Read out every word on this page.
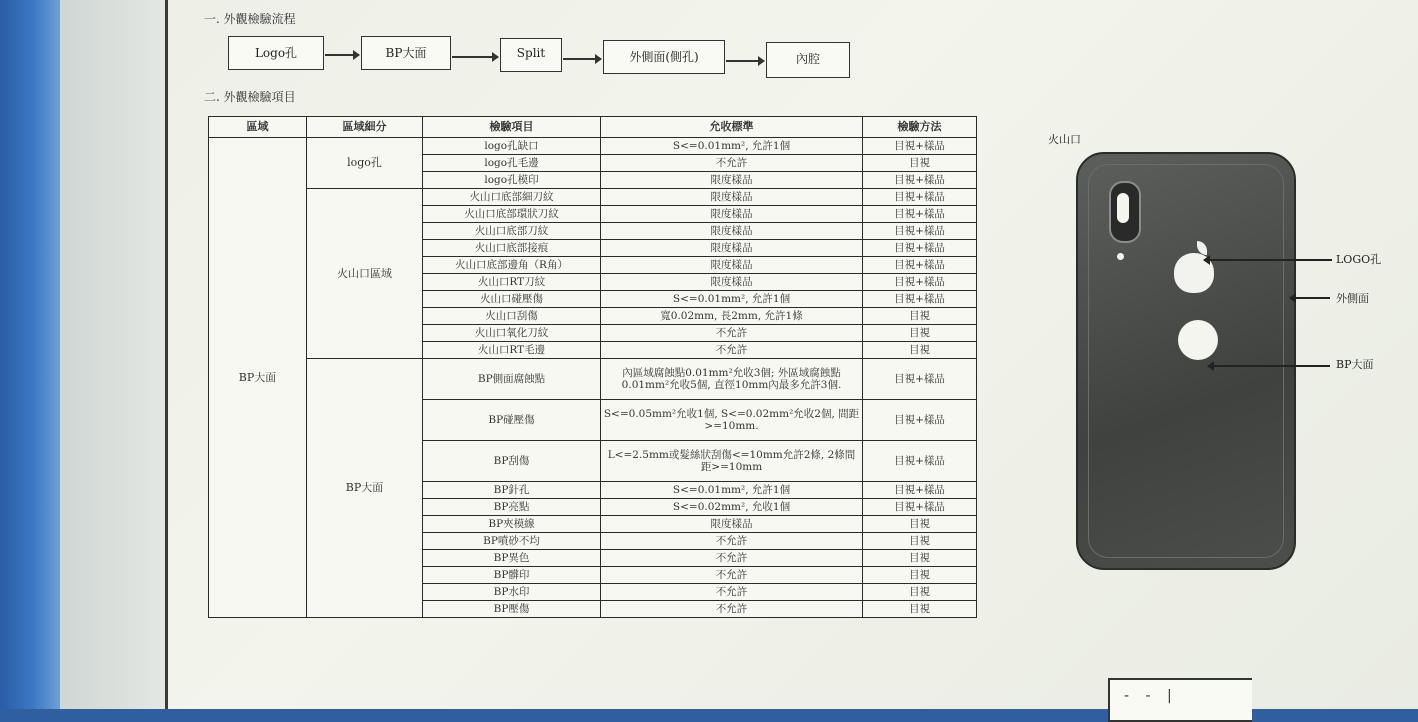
一. 外觀檢驗流程
Logo孔	BP大面	Split	外側面(側孔)	內腔
二. 外觀檢驗項目
區域	區域細分	檢驗項目	允收標準	檢驗方法
BP大面	logo孔	logo孔缺口	S<=0.01mm², 允許1個	目視+樣品
		logo孔毛邊	不允許	目視
		logo孔模印	限度樣品	目視+樣品
	火山口區域	火山口底部細刀紋	限度樣品	目視+樣品
		火山口底部環狀刀紋	限度樣品	目視+樣品
		火山口底部刀紋	限度樣品	目視+樣品
		火山口底部接痕	限度樣品	目視+樣品
		火山口底部邊角（R角）	限度樣品	目視+樣品
		火山口RT刀紋	限度樣品	目視+樣品
		火山口碰壓傷	S<=0.01mm², 允許1個	目視+樣品
		火山口刮傷	寬0.02mm, 長2mm, 允許1條	目視
		火山口氧化刀紋	不允許	目視
		火山口RT毛邊	不允許	目視
	BP大面	BP側面腐蝕點	內區域腐蝕點0.01mm²允收3個; 外區域腐蝕點0.01mm²允收5個, 直徑10mm內最多允許3個.	目視+樣品
		BP碰壓傷	S<=0.05mm²允收1個, S<=0.02mm²允收2個, 間距>=10mm.	目視+樣品
		BP刮傷	L<=2.5mm或髮絲狀刮傷<=10mm允許2條, 2條間距>=10mm	目視+樣品
		BP針孔	S<=0.01mm², 允許1個	目視+樣品
		BP亮點	S<=0.02mm², 允收1個	目視+樣品
		BP夾模線	限度樣品	目視
		BP噴砂不均	不允許	目視
		BP異色	不允許	目視
		BP髒印	不允許	目視
		BP水印	不允許	目視
		BP壓傷	不允許	目視
火山口
LOGO孔
外側面
BP大面
‐ ‐ |
